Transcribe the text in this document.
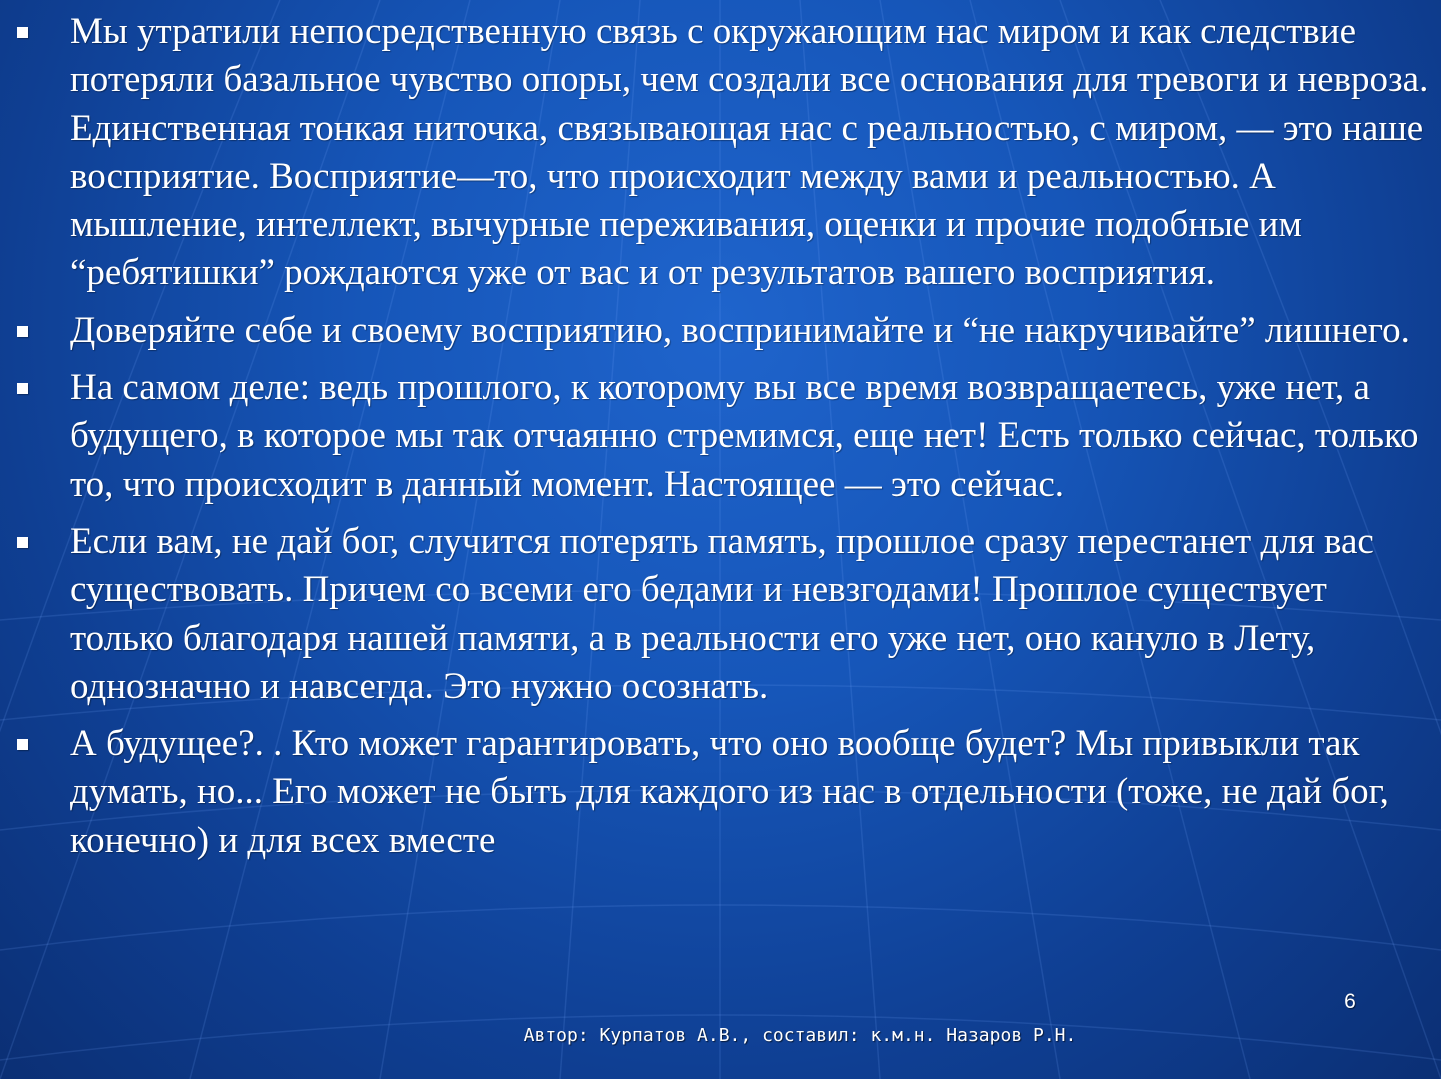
Мы утратили непосредственную связь с окружающим нас миром и как следствие потеряли базальное чувство опоры, чем создали все основания для тревоги и невроза. Единственная тонкая ниточка, связывающая нас с реальностью, с миром, — это наше восприятие. Восприятие—то, что происходит между вами и реальностью. А мышление, интеллект, вычурные переживания, оценки и прочие подобные им “ребятишки” рождаются уже от вас и от результатов вашего восприятия.
Доверяйте себе и своему восприятию, воспринимайте и “не накручивайте” лишнего.
На самом деле: ведь прошлого, к которому вы все время возвращаетесь, уже нет, а будущего, в которое мы так отчаянно стремимся, еще нет! Есть только сейчас, только то, что происходит в данный момент. Настоящее — это сейчас.
Если вам, не дай бог, случится потерять память, прошлое сразу перестанет для вас существовать. Причем со всеми его бедами и невзгодами! Прошлое существует только благодаря нашей памяти, а в реальности его уже нет, оно кануло в Лету, однозначно и навсегда. Это нужно осознать.
А будущее?. . Кто может гарантировать, что оно вообще будет? Мы привыкли так думать, но... Его может не быть для каждого из нас в отдельности (тоже, не дай бог, конечно) и для всех вместе
6
Автор: Курпатов А.В., составил: к.м.н. Назаров Р.Н.
